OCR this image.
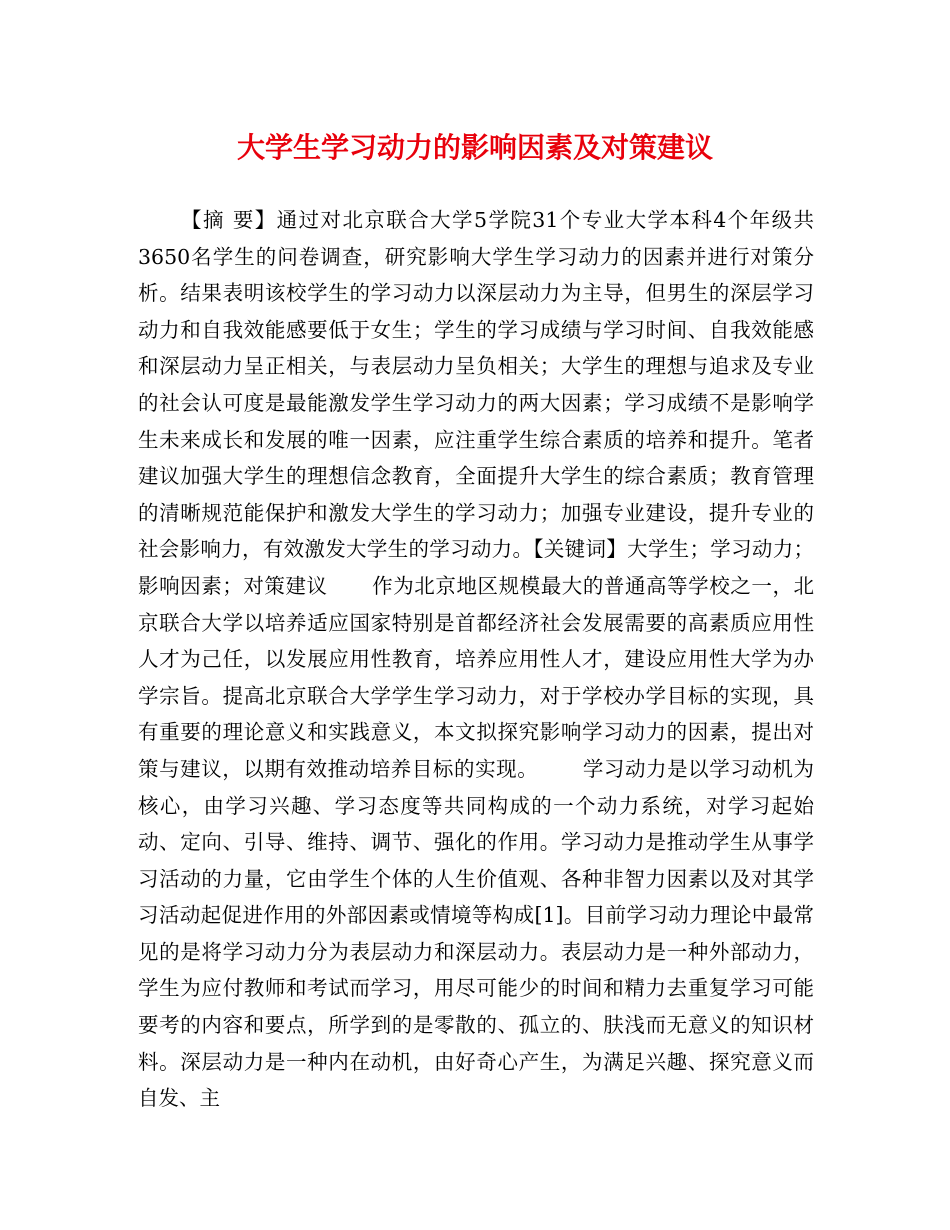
大学生学习动力的影响因素及对策建议

【摘 要】通过对北京联合大学5学院31个专业大学本科4个年级共3650名学生的问卷调查，研究影响大学生学习动力的因素并进行对策分析。结果表明该校学生的学习动力以深层动力为主导，但男生的深层学习动力和自我效能感要低于女生；学生的学习成绩与学习时间、自我效能感和深层动力呈正相关，与表层动力呈负相关；大学生的理想与追求及专业的社会认可度是最能激发学生学习动力的两大因素；学习成绩不是影响学生未来成长和发展的唯一因素，应注重学生综合素质的培养和提升。笔者建议加强大学生的理想信念教育，全面提升大学生的综合素质；教育管理的清晰规范能保护和激发大学生的学习动力；加强专业建设，提升专业的社会影响力，有效激发大学生的学习动力。【关键词】大学生；学习动力；影响因素；对策建议 作为北京地区规模最大的普通高等学校之一，北京联合大学以培养适应国家特别是首都经济社会发展需要的高素质应用性人才为己任，以发展应用性教育，培养应用性人才，建设应用性大学为办学宗旨。提高北京联合大学学生学习动力，对于学校办学目标的实现，具有重要的理论意义和实践意义，本文拟探究影响学习动力的因素，提出对策与建议，以期有效推动培养目标的实现。 学习动力是以学习动机为核心，由学习兴趣、学习态度等共同构成的一个动力系统，对学习起始动、定向、引导、维持、调节、强化的作用。学习动力是推动学生从事学习活动的力量，它由学生个体的人生价值观、各种非智力因素以及对其学习活动起促进作用的外部因素或情境等构成[1]。目前学习动力理论中最常见的是将学习动力分为表层动力和深层动力。表层动力是一种外部动力，学生为应付教师和考试而学习，用尽可能少的时间和精力去重复学习可能要考的内容和要点，所学到的是零散的、孤立的、肤浅而无意义的知识材料。深层动力是一种内在动机，由好奇心产生，为满足兴趣、探究意义而自发、主
